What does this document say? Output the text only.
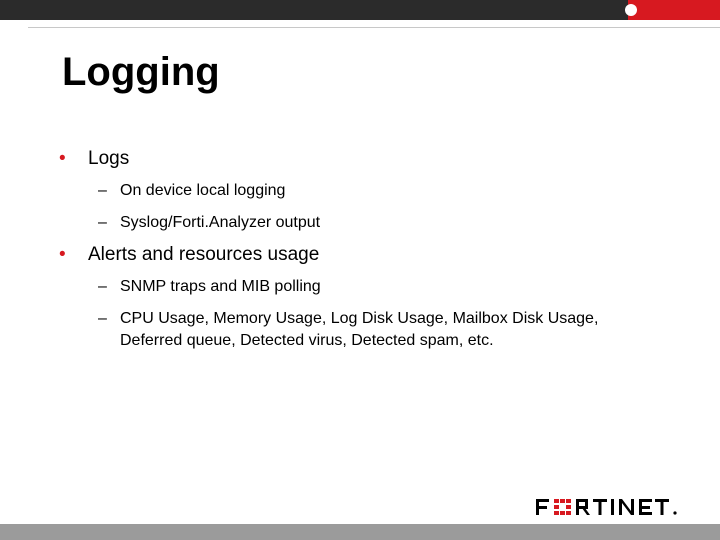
Logging
• Logs
– On device local logging
– Syslog/Forti.Analyzer output
• Alerts and resources usage
– SNMP traps and MIB polling
– CPU Usage, Memory Usage, Log Disk Usage, Mailbox Disk Usage, Deferred queue, Detected virus, Detected spam, etc.
